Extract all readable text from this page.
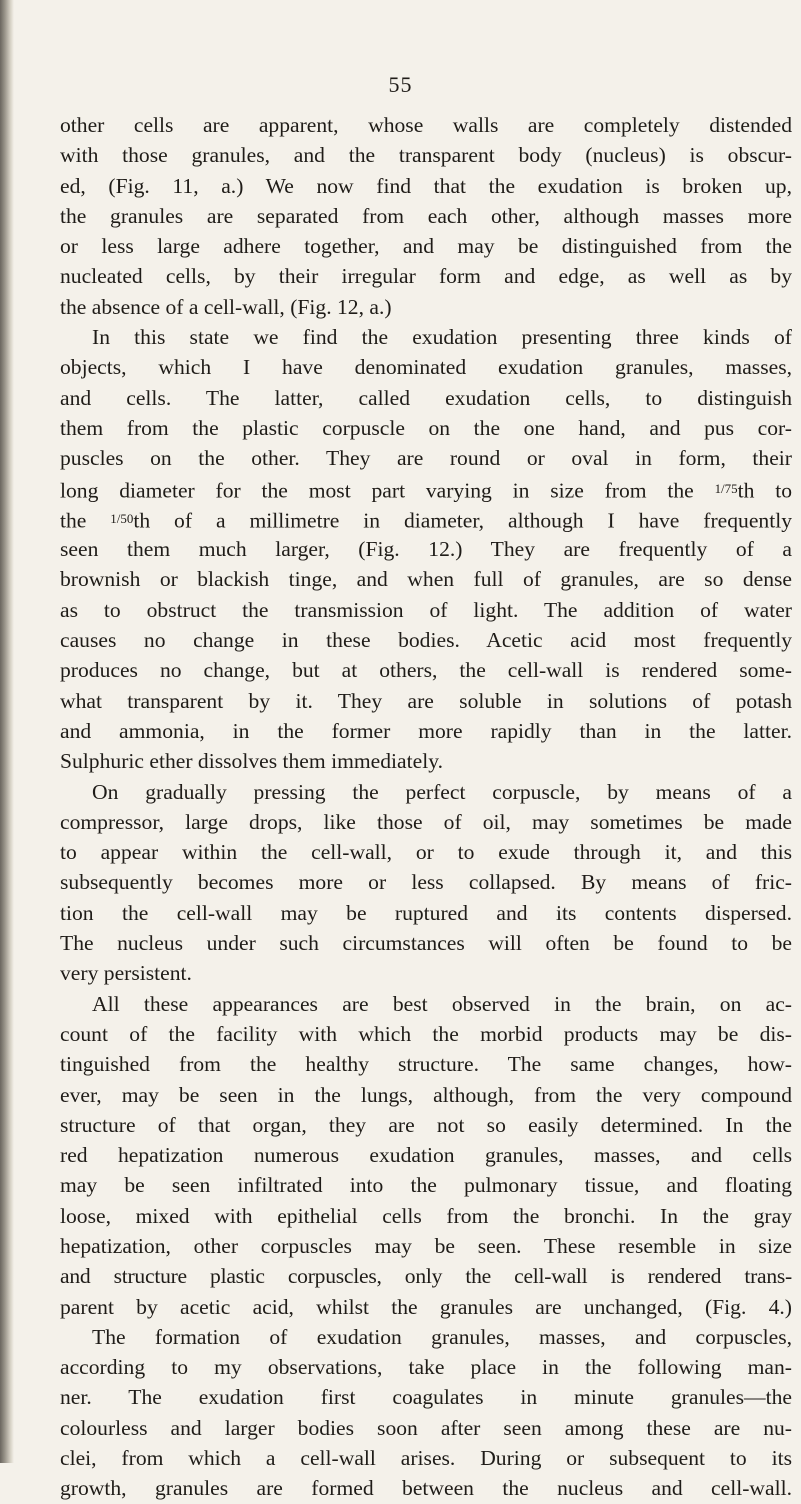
55
other cells are apparent, whose walls are completely distended
with those granules, and the transparent body (nucleus) is obscur-
ed, (Fig. 11, a.) We now find that the exudation is broken up,
the granules are separated from each other, although masses more
or less large adhere together, and may be distinguished from the
nucleated cells, by their irregular form and edge, as well as by
the absence of a cell-wall, (Fig. 12, a.)
In this state we find the exudation presenting three kinds of
objects, which I have denominated exudation granules, masses,
and cells. The latter, called exudation cells, to distinguish
them from the plastic corpuscle on the one hand, and pus cor-
puscles on the other. They are round or oval in form, their
long diameter for the most part varying in size from the $^{1/75}$th to
the $^{1/50}$th of a millimetre in diameter, although I have frequently
seen them much larger, (Fig. 12.) They are frequently of a
brownish or blackish tinge, and when full of granules, are so dense
as to obstruct the transmission of light. The addition of water
causes no change in these bodies. Acetic acid most frequently
produces no change, but at others, the cell-wall is rendered some-
what transparent by it. They are soluble in solutions of potash
and ammonia, in the former more rapidly than in the latter.
Sulphuric ether dissolves them immediately.
On gradually pressing the perfect corpuscle, by means of a
compressor, large drops, like those of oil, may sometimes be made
to appear within the cell-wall, or to exude through it, and this
subsequently becomes more or less collapsed. By means of fric-
tion the cell-wall may be ruptured and its contents dispersed.
The nucleus under such circumstances will often be found to be
very persistent.
All these appearances are best observed in the brain, on ac-
count of the facility with which the morbid products may be dis-
tinguished from the healthy structure. The same changes, how-
ever, may be seen in the lungs, although, from the very compound
structure of that organ, they are not so easily determined. In the
red hepatization numerous exudation granules, masses, and cells
may be seen infiltrated into the pulmonary tissue, and floating
loose, mixed with epithelial cells from the bronchi. In the gray
hepatization, other corpuscles may be seen. These resemble in size
and structure plastic corpuscles, only the cell-wall is rendered trans-
parent by acetic acid, whilst the granules are unchanged, (Fig. 4.)
The formation of exudation granules, masses, and corpuscles,
according to my observations, take place in the following man-
ner. The exudation first coagulates in minute granules—the
colourless and larger bodies soon after seen among these are nu-
clei, from which a cell-wall arises. During or subsequent to its
growth, granules are formed between the nucleus and cell-wall.
